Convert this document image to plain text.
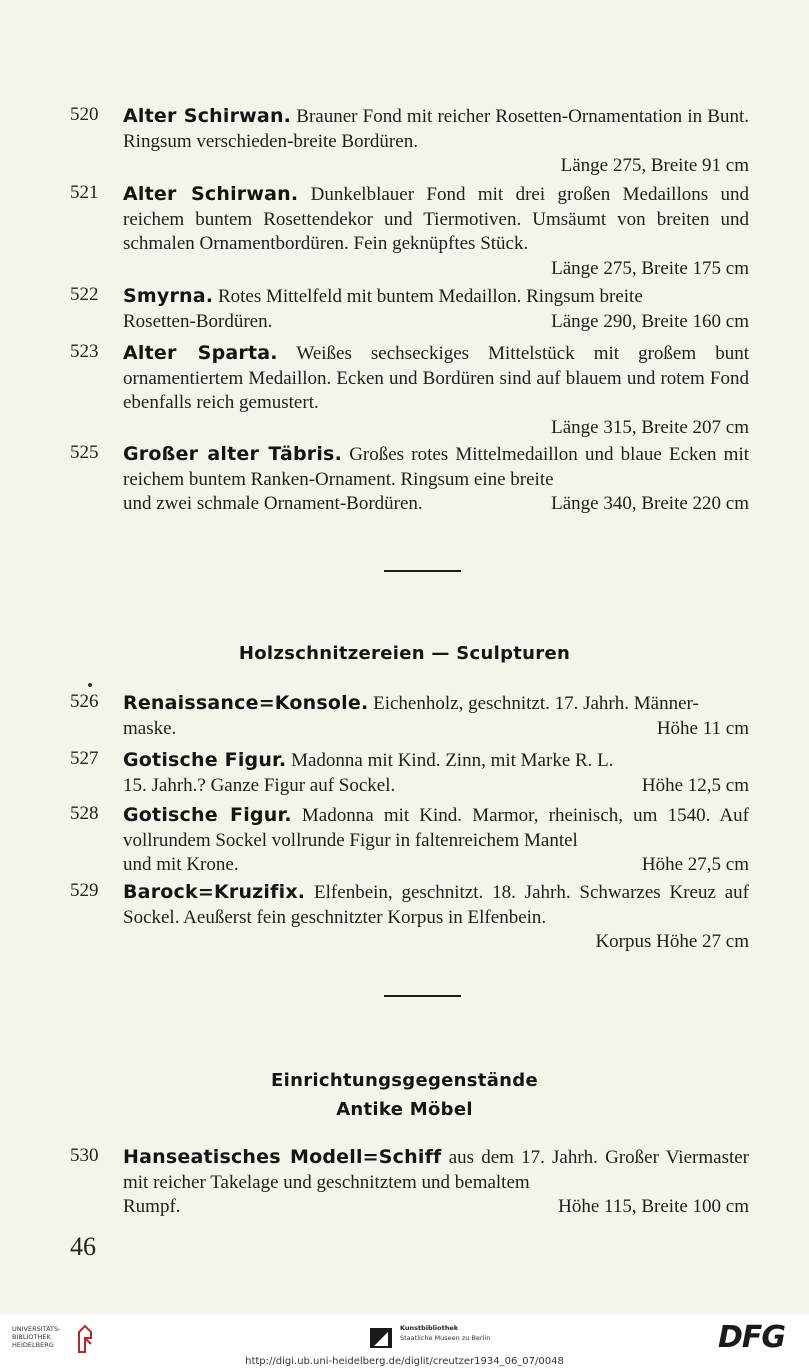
520	Alter Schirwan. Brauner Fond mit reicher Rosetten-Ornamentation in Bunt. Ringsum verschieden-breite Bordüren.
Länge 275, Breite 91 cm
521	Alter Schirwan. Dunkelblauer Fond mit drei großen Medaillons und reichem buntem Rosettendekor und Tiermotiven. Umsäumt von breiten und schmalen Ornamentbordüren. Fein geknüpftes Stück.
Länge 275, Breite 175 cm
522	Smyrna. Rotes Mittelfeld mit buntem Medaillon. Ringsum breite
Rosetten-Bordüren.	Länge 290, Breite 160 cm
523	Alter Sparta. Weißes sechseckiges Mittelstück mit großem bunt ornamentiertem Medaillon. Ecken und Bordüren sind auf blauem und rotem Fond ebenfalls reich gemustert.
Länge 315, Breite 207 cm
525	Großer alter Täbris. Großes rotes Mittelmedaillon und blaue Ecken mit reichem buntem Ranken-Ornament. Ringsum eine breite
und zwei schmale Ornament-Bordüren.	Länge 340, Breite 220 cm
Holzschnitzereien — Sculpturen
526	Renaissance=Konsole. Eichenholz, geschnitzt. 17. Jahrh. Männer-
maske.	Höhe 11 cm
527	Gotische Figur. Madonna mit Kind. Zinn, mit Marke R. L.
15. Jahrh.? Ganze Figur auf Sockel.	Höhe 12,5 cm
528	Gotische Figur. Madonna mit Kind. Marmor, rheinisch, um 1540. Auf vollrundem Sockel vollrunde Figur in faltenreichem Mantel
und mit Krone.	Höhe 27,5 cm
529	Barock=Kruzifix. Elfenbein, geschnitzt. 18. Jahrh. Schwarzes Kreuz auf Sockel. Aeußerst fein geschnitzter Korpus in Elfenbein.
Korpus Höhe 27 cm
Einrichtungsgegenstände
Antike Möbel
530	Hanseatisches Modell=Schiff aus dem 17. Jahrh. Großer Viermaster mit reicher Takelage und geschnitztem und bemaltem
Rumpf.	Höhe 115, Breite 100 cm
46
UNIVERSITÄTS-
BIBLIOTHEK
HEIDELBERG
Kunstbibliothek
Staatliche Museen zu Berlin	DFG
http://digi.ub.uni-heidelberg.de/diglit/creutzer1934_06_07/0048
